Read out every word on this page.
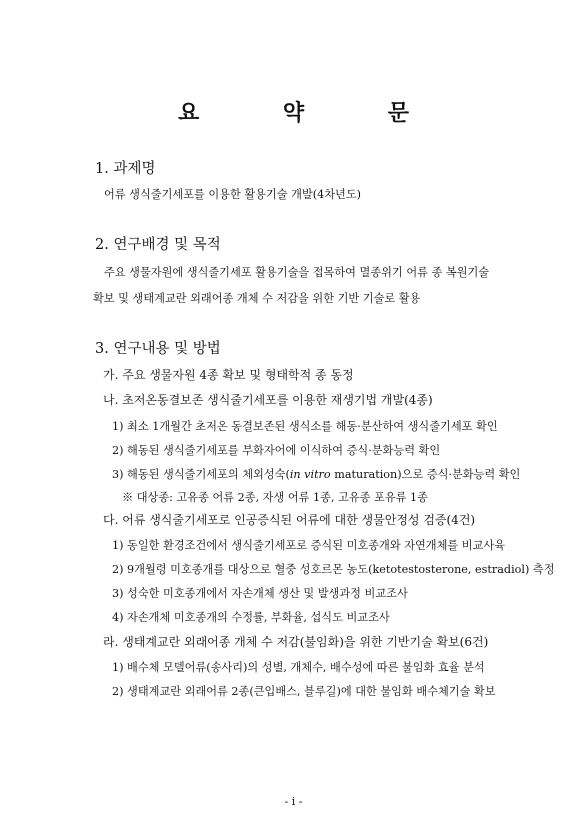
요 약 문
1. 과제명
어류 생식줄기세포를 이용한 활용기술 개발(4차년도)
2. 연구배경 및 목적
주요 생물자원에 생식줄기세포 활용기술을 접목하여 멸종위기 어류 종 복원기술
확보 및 생태계교란 외래어종 개체 수 저감을 위한 기반 기술로 활용
3. 연구내용 및 방법
가. 주요 생물자원 4종 확보 및 형태학적 종 동정
나. 초저온동결보존 생식줄기세포를 이용한 재생기법 개발(4종)
1) 최소 1개월간 초저온 동결보존된 생식소를 해동·분산하여 생식줄기세포 확인
2) 해동된 생식줄기세포를 부화자어에 이식하여 증식·분화능력 확인
3) 해동된 생식줄기세포의 체외성숙(in vitro maturation)으로 증식·분화능력 확인
※ 대상종: 고유종 어류 2종, 자생 어류 1종, 고유종 포유류 1종
다. 어류 생식줄기세포로 인공증식된 어류에 대한 생물안정성 검증(4건)
1) 동일한 환경조건에서 생식줄기세포로 증식된 미호종개와 자연개체를 비교사육
2) 9개월령 미호종개를 대상으로 혈중 성호르몬 농도(ketotestosterone, estradiol) 측정
3) 성숙한 미호종개에서 자손개체 생산 및 발생과정 비교조사
4) 자손개체 미호종개의 수정률, 부화율, 섭식도 비교조사
라. 생태계교란 외래어종 개체 수 저감(불임화)을 위한 기반기술 확보(6건)
1) 배수체 모델어류(송사리)의 성별, 개체수, 배수성에 따른 불임화 효율 분석
2) 생태계교란 외래어류 2종(큰입배스, 블루길)에 대한 불임화 배수체기술 확보
- i -
